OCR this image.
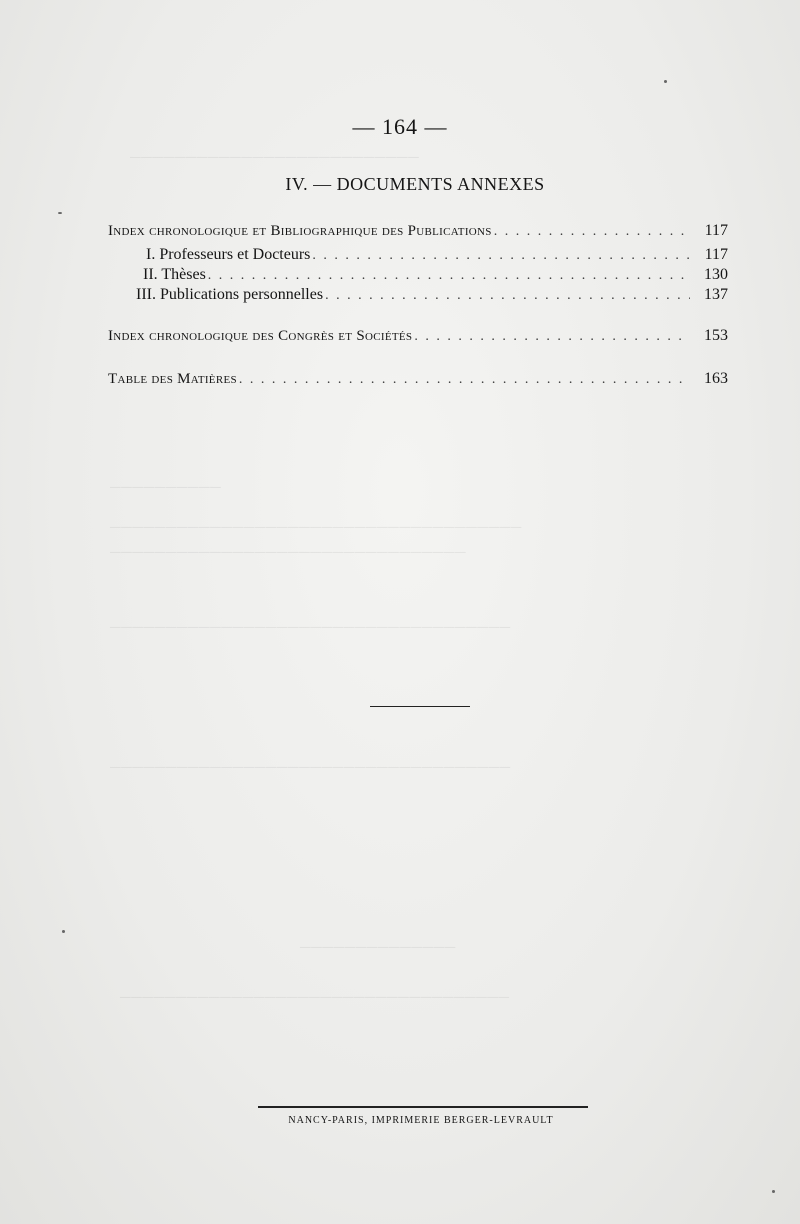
──────────────────────────
──────────
─────────────────────────────────────
────────────────────────────────
────────────────────────────────────
────────────────────────────────────
──────────────
───────────────────────────────────
— 164 —
IV. — DOCUMENTS ANNEXES
Index chronologique et Bibliographique des Publications . . .	117
I. Professeurs et Docteurs . . .	117
II. Thèses . . .	130
III. Publications personnelles . . .	137
Index chronologique des Congrès et Sociétés . . .	153
Table des Matières . . .	163
NANCY-PARIS, IMPRIMERIE BERGER-LEVRAULT
